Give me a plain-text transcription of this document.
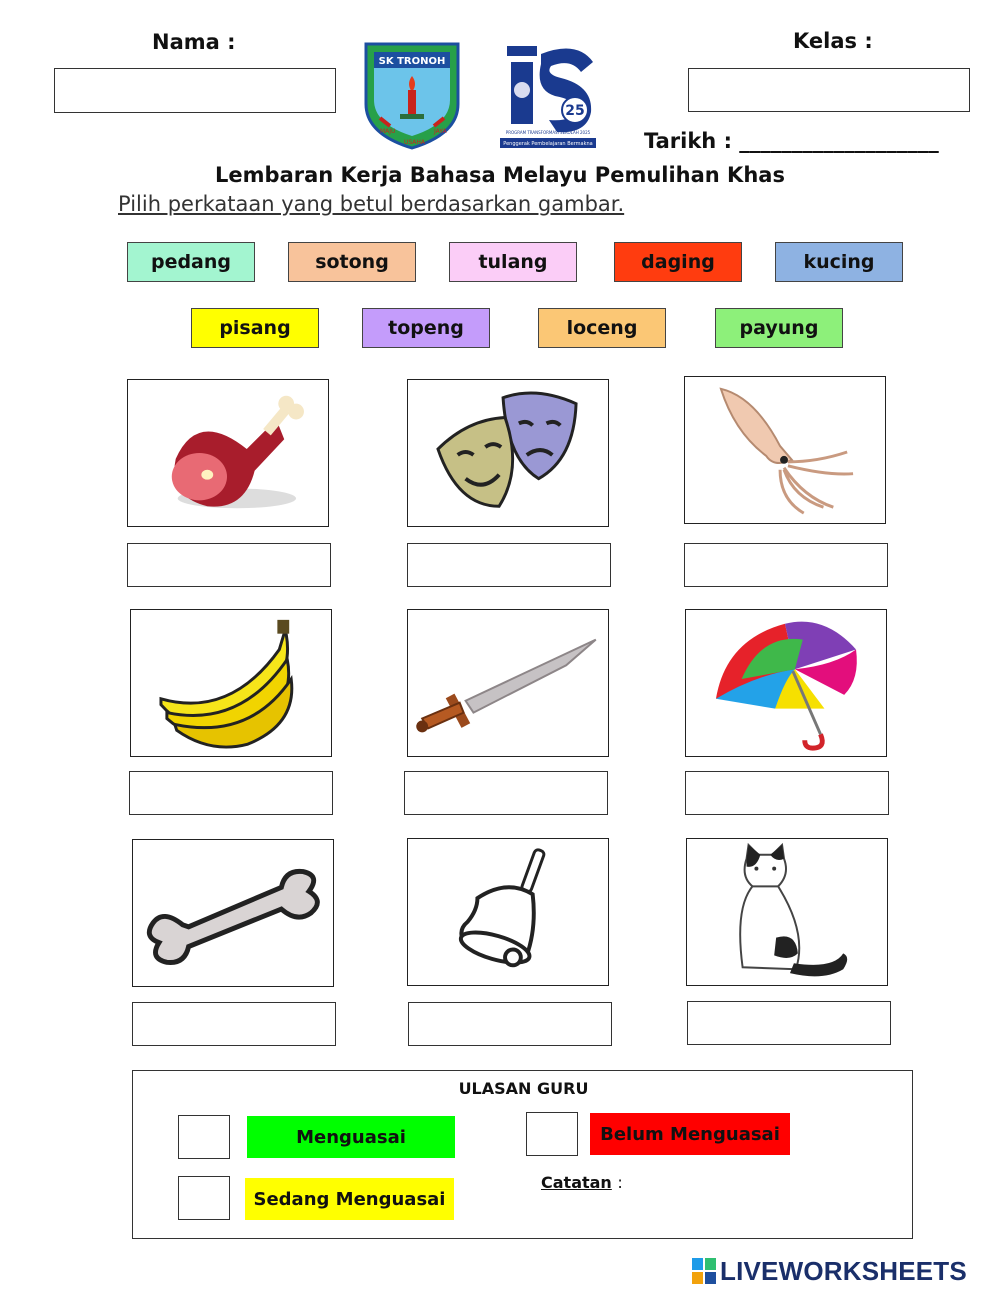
Nama :	Kelas :
Tarikh : ___________________
SK TRONOH
MAJU
USAHA
JAYA
25
PROGRAM TRANSFORMASI SEKOLAH 2025
Penggerak Pembelajaran Bermakna
Lembaran Kerja Bahasa Melayu Pemulihan Khas
Pilih perkataan yang betul berdasarkan gambar.
pedang	sotong	tulang	daging	kucing
pisang	topeng	loceng	payung
ULASAN GURU
Menguasai
Sedang Menguasai
Belum Menguasai
Catatan :
LIVEWORKSHEETS
